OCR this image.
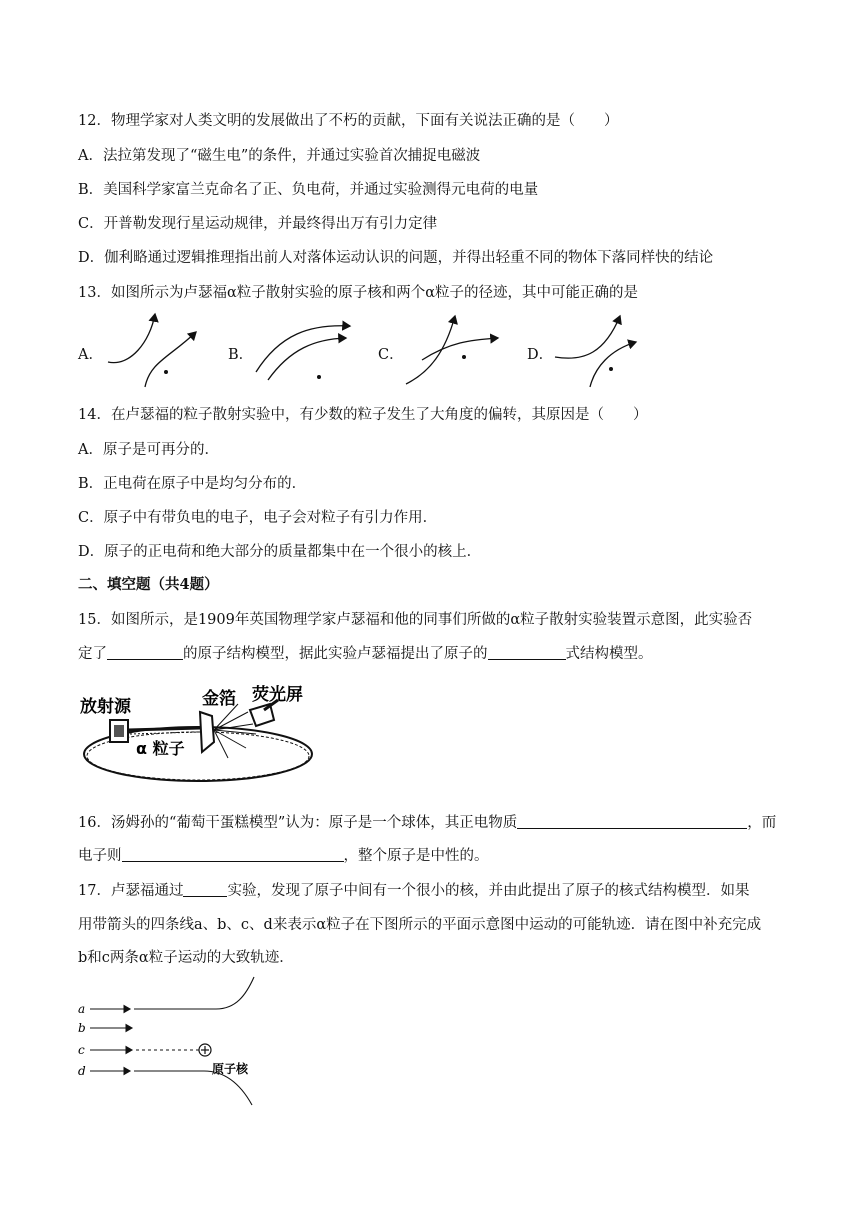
12．物理学家对人类文明的发展做出了不朽的贡献，下面有关说法正确的是（　　）
A．法拉第发现了“磁生电”的条件，并通过实验首次捕捉电磁波
B．美国科学家富兰克命名了正、负电荷，并通过实验测得元电荷的电量
C．开普勒发现行星运动规律，并最终得出万有引力定律
D．伽利略通过逻辑推理指出前人对落体运动认识的问题，并得出轻重不同的物体下落同样快的结论
13．如图所示为卢瑟福α粒子散射实验的原子核和两个α粒子的径迹，其中可能正确的是
A．	B．	C．	D．
14．在卢瑟福的粒子散射实验中，有少数的粒子发生了大角度的偏转，其原因是（　　）
A．原子是可再分的．
B．正电荷在原子中是均匀分布的．
C．原子中有带负电的电子，电子会对粒子有引力作用．
D．原子的正电荷和绝大部分的质量都集中在一个很小的核上．
二、填空题（共4题）
15．如图所示，是1909年英国物理学家卢瑟福和他的同事们所做的α粒子散射实验装置示意图，此实验否
定了	的原子结构模型，据此实验卢瑟福提出了原子的	式结构模型。
放射源	金箔 荧光屏
α 粒子
16．汤姆孙的“葡萄干蛋糕模型”认为：原子是一个球体，其正电物质	，而
电子则	，整个原子是中性的。
17．卢瑟福通过	实验，发现了原子中间有一个很小的核，并由此提出了原子的核式结构模型．如果
用带箭头的四条线a、b、c、d来表示α粒子在下图所示的平面示意图中运动的可能轨迹．请在图中补充完成
b和c两条α粒子运动的大致轨迹．
a
b
c
d	原子核
